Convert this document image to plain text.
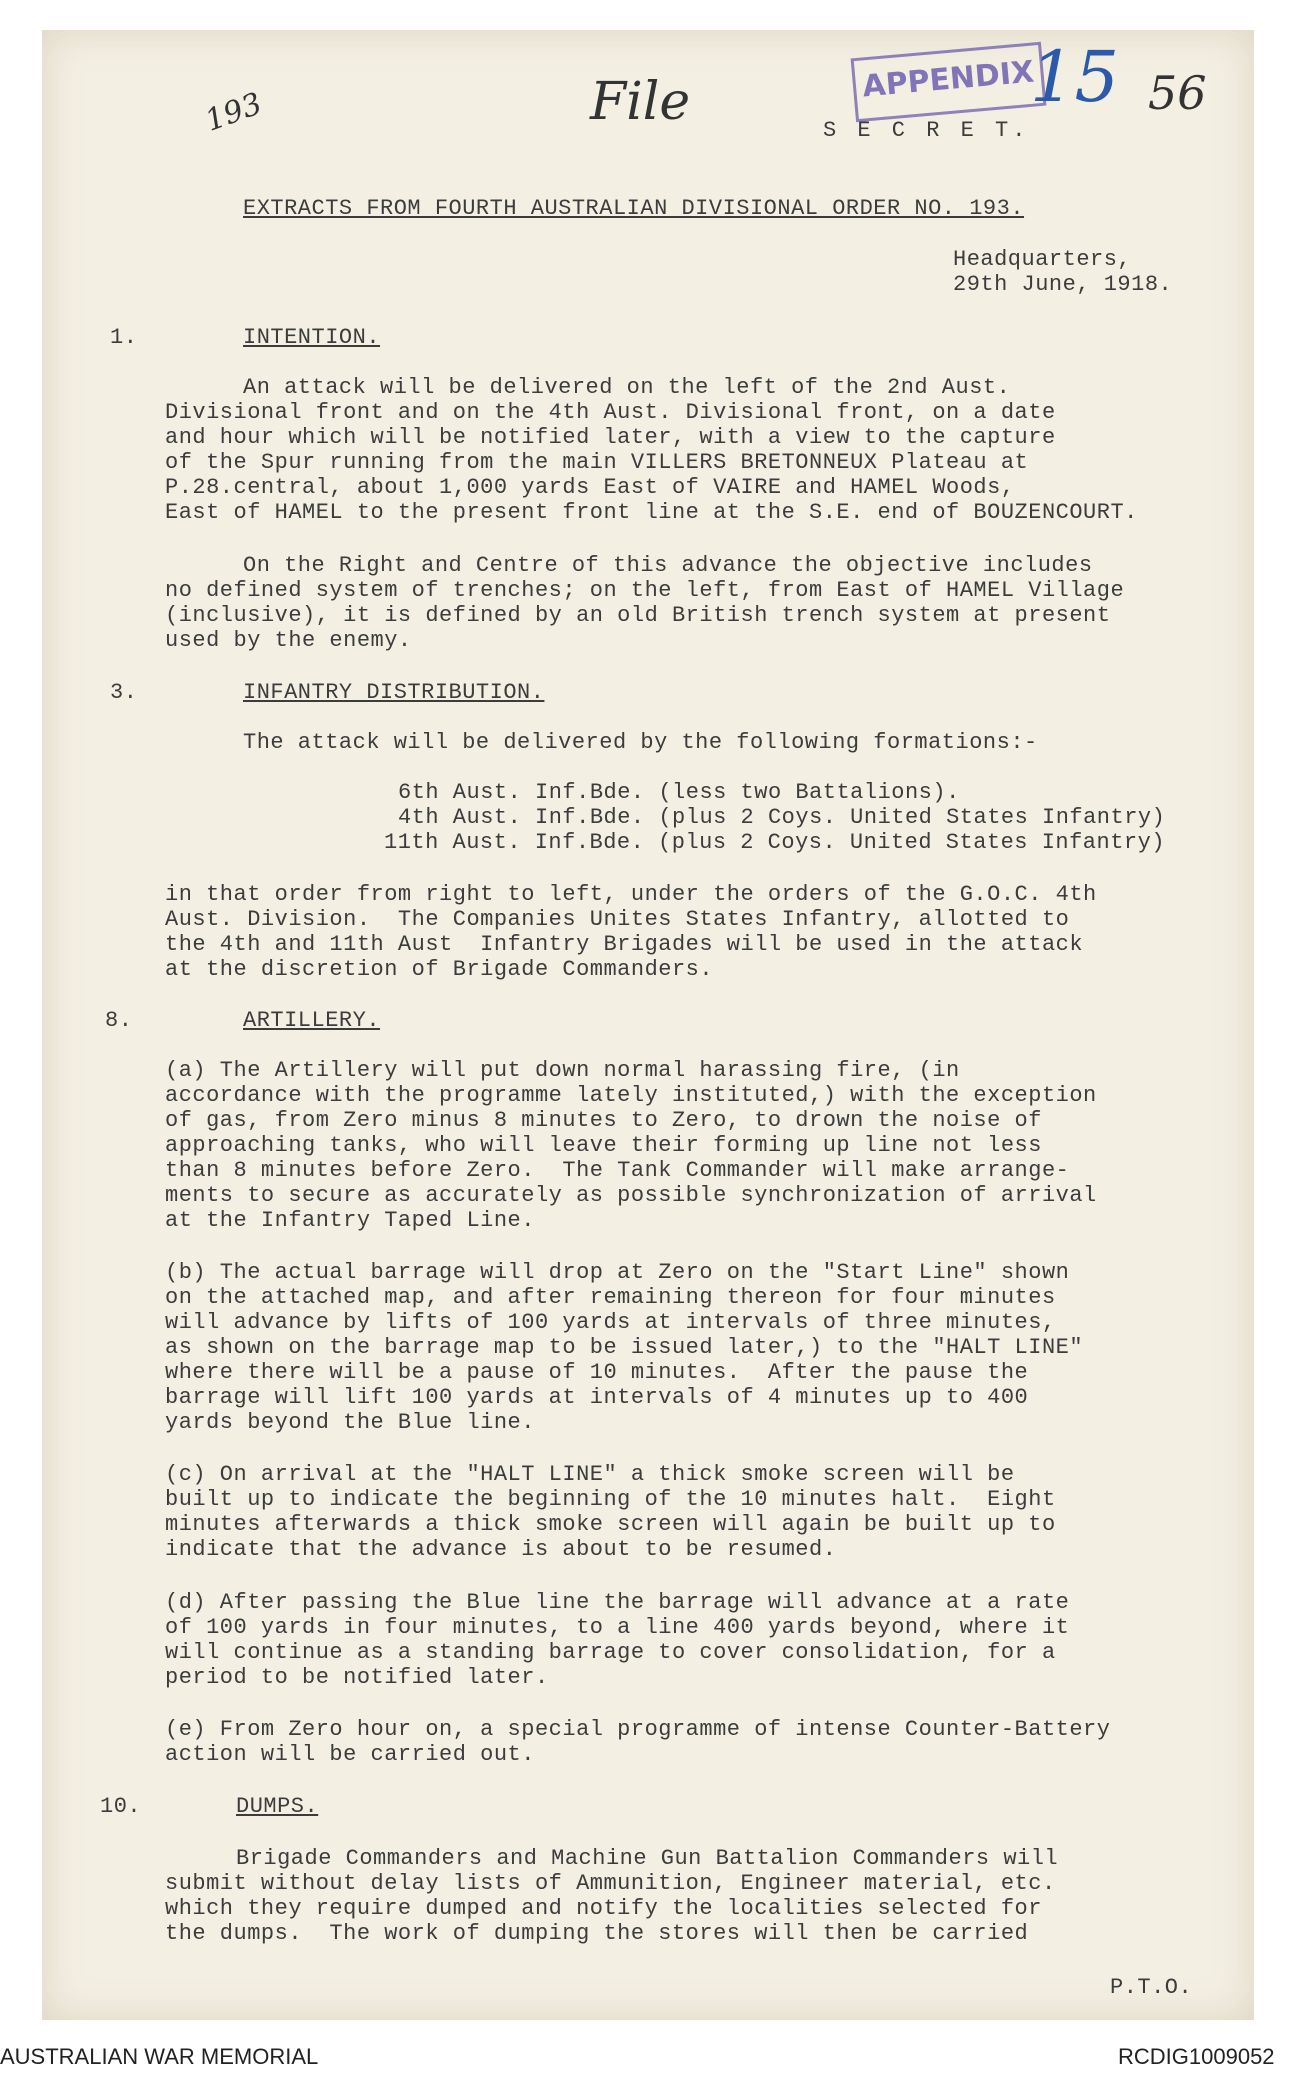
193	File	APPENDIX
15 56
S E C R E T.
EXTRACTS FROM FOURTH AUSTRALIAN DIVISIONAL ORDER NO. 193.
Headquarters,
29th June, 1918.
1.	INTENTION.
An attack will be delivered on the left of the 2nd Aust.
Divisional front and on the 4th Aust. Divisional front, on a date
and hour which will be notified later, with a view to the capture
of the Spur running from the main VILLERS BRETONNEUX Plateau at
P.28.central, about 1,000 yards East of VAIRE and HAMEL Woods,
East of HAMEL to the present front line at the S.E. end of BOUZENCOURT.
On the Right and Centre of this advance the objective includes
no defined system of trenches; on the left, from East of HAMEL Village
(inclusive), it is defined by an old British trench system at present
used by the enemy.
3.	INFANTRY DISTRIBUTION.
The attack will be delivered by the following formations:-
6th Aust. Inf.Bde. (less two Battalions).
4th Aust. Inf.Bde. (plus 2 Coys. United States Infantry)
11th Aust. Inf.Bde. (plus 2 Coys. United States Infantry)
in that order from right to left, under the orders of the G.O.C. 4th
Aust. Division.  The Companies Unites States Infantry, allotted to
the 4th and 11th Aust  Infantry Brigades will be used in the attack
at the discretion of Brigade Commanders.
8.	ARTILLERY.
(a) The Artillery will put down normal harassing fire, (in
accordance with the programme lately instituted,) with the exception
of gas, from Zero minus 8 minutes to Zero, to drown the noise of
approaching tanks, who will leave their forming up line not less
than 8 minutes before Zero.  The Tank Commander will make arrange-
ments to secure as accurately as possible synchronization of arrival
at the Infantry Taped Line.
(b) The actual barrage will drop at Zero on the "Start Line" shown
on the attached map, and after remaining thereon for four minutes
will advance by lifts of 100 yards at intervals of three minutes,
as shown on the barrage map to be issued later,) to the "HALT LINE"
where there will be a pause of 10 minutes.  After the pause the
barrage will lift 100 yards at intervals of 4 minutes up to 400
yards beyond the Blue line.
(c) On arrival at the "HALT LINE" a thick smoke screen will be
built up to indicate the beginning of the 10 minutes halt.  Eight
minutes afterwards a thick smoke screen will again be built up to
indicate that the advance is about to be resumed.
(d) After passing the Blue line the barrage will advance at a rate
of 100 yards in four minutes, to a line 400 yards beyond, where it
will continue as a standing barrage to cover consolidation, for a
period to be notified later.
(e) From Zero hour on, a special programme of intense Counter-Battery
action will be carried out.
10.	DUMPS.
Brigade Commanders and Machine Gun Battalion Commanders will
submit without delay lists of Ammunition, Engineer material, etc.
which they require dumped and notify the localities selected for
the dumps.  The work of dumping the stores will then be carried
P.T.O.
AUSTRALIAN WAR MEMORIAL	RCDIG1009052
